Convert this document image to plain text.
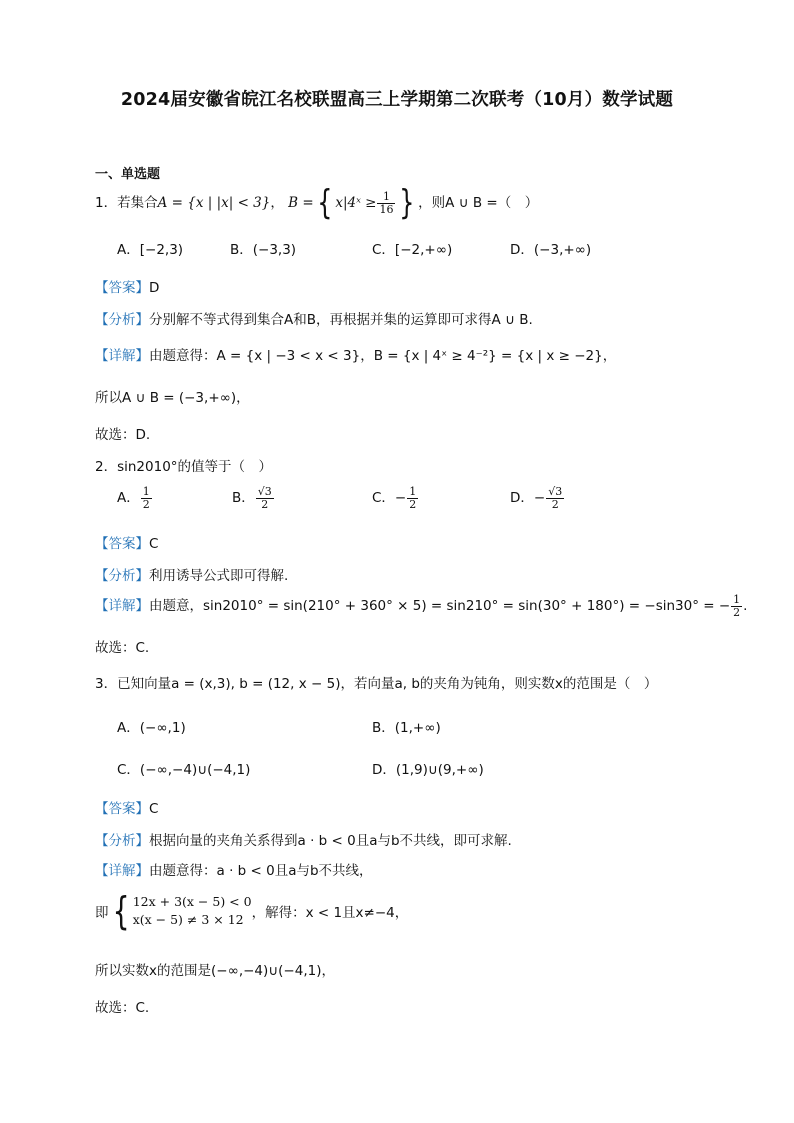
2024届安徽省皖江名校联盟高三上学期第二次联考（10月）数学试题
一、单选题
1．若集合A = {x | |x| < 3}， B ={ x|4ˣ ≥ $\frac{1}{16}$ } ，则A ∪ B =（　）
A．[−2,3)	B．(−3,3)	C．[−2,+∞)	D．(−3,+∞)
【答案】D
【分析】分别解不等式得到集合A和B，再根据并集的运算即可求得A ∪ B.
【详解】由题意得：A = {x | −3 < x < 3}，B = {x | 4ˣ ≥ 4⁻²} = {x | x ≥ −2}，
所以A ∪ B = (−3,+∞)，
故选：D.
2．sin2010°的值等于（　）
A． $\frac{1}{2}$	B． $\frac{√3}{2}$	C．− $\frac{1}{2}$	D．− $\frac{√3}{2}$
【答案】C
【分析】利用诱导公式即可得解.
【详解】由题意，sin2010° = sin(210° + 360° × 5) = sin210° = sin(30° + 180°) = −sin30° = − $\frac{1}{2}$ .
故选：C.
3．已知向量a = (x,3), b = (12, x − 5)，若向量a, b的夹角为钝角，则实数x的范围是（　）
A．(−∞,1)	B．(1,+∞)
C．(−∞,−4)∪(−4,1)	D．(1,9)∪(9,+∞)
【答案】C
【分析】根据向量的夹角关系得到a · b < 0且a与b不共线，即可求解.
【详解】由题意得：a · b < 0且a与b不共线，
即{ 12x + 3(x − 5) < 0
x(x − 5) ≠ 3 × 12 ，解得：x < 1且x≠−4，
所以实数x的范围是(−∞,−4)∪(−4,1)，
故选：C.
